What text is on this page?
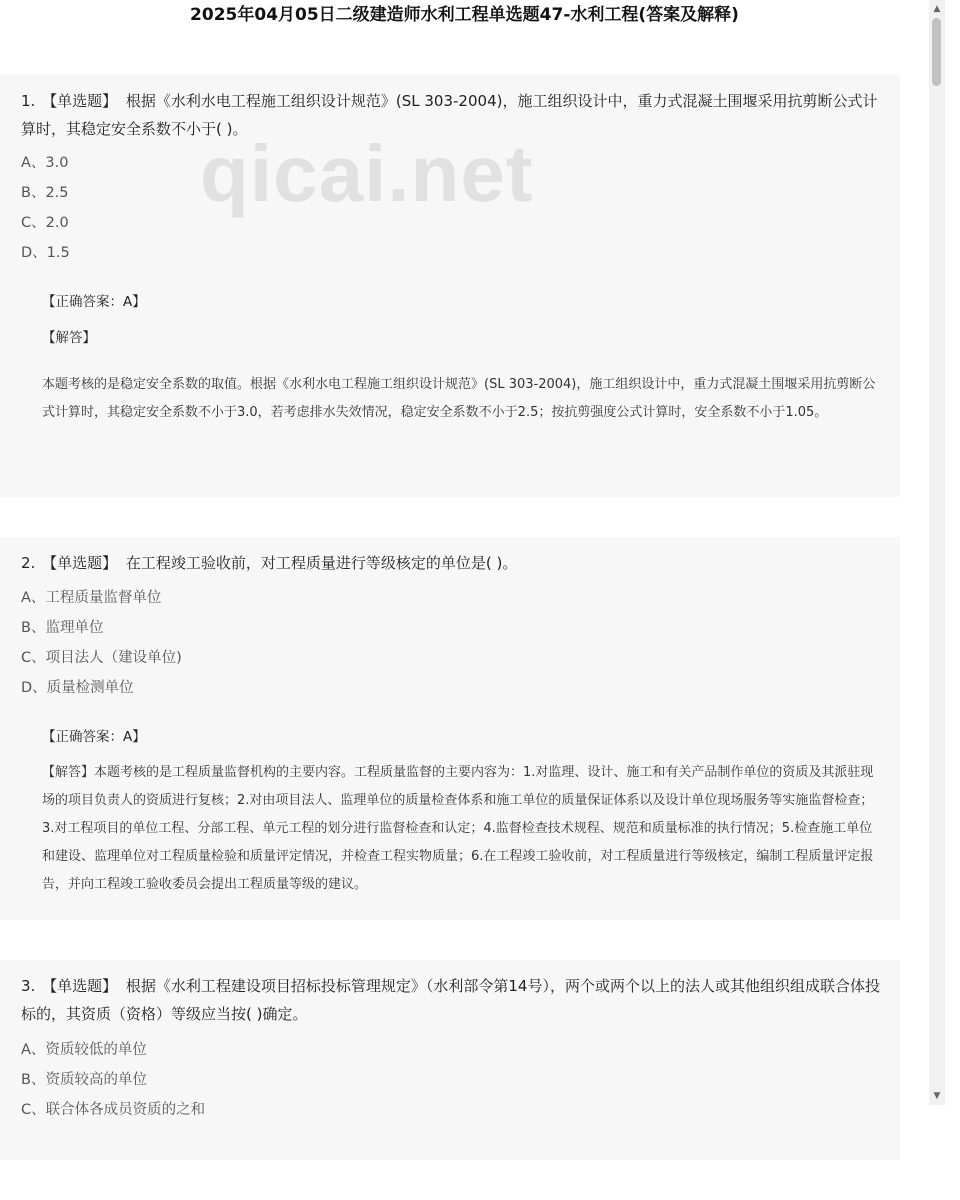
2025年04月05日二级建造师水利工程单选题47-水利工程(答案及解释)
qicai.net
1. 【单选题】 根据《水利水电工程施工组织设计规范》(SL 303-2004)，施工组织设计中，重力式混凝土围堰采用抗剪断公式计算时，其稳定安全系数不小于( )。
A、3.0
B、2.5
C、2.0
D、1.5
【正确答案：A】
【解答】
本题考核的是稳定安全系数的取值。根据《水利水电工程施工组织设计规范》(SL 303-2004)，施工组织设计中，重力式混凝土围堰采用抗剪断公式计算时，其稳定安全系数不小于3.0，若考虑排水失效情况，稳定安全系数不小于2.5；按抗剪强度公式计算时，安全系数不小于1.05。
2. 【单选题】 在工程竣工验收前，对工程质量进行等级核定的单位是( )。
A、工程质量监督单位
B、监理单位
C、项目法人（建设单位)
D、质量检测单位
【正确答案：A】
【解答】本题考核的是工程质量监督机构的主要内容。工程质量监督的主要内容为：1.对监理、设计、施工和有关产品制作单位的资质及其派驻现场的项目负责人的资质进行复核；2.对由项目法人、监理单位的质量检查体系和施工单位的质量保证体系以及设计单位现场服务等实施监督检查；3.对工程项目的单位工程、分部工程、单元工程的划分进行监督检查和认定；4.监督检查技术规程、规范和质量标准的执行情况；5.检查施工单位和建设、监理单位对工程质量检验和质量评定情况，并检查工程实物质量；6.在工程竣工验收前，对工程质量进行等级核定，编制工程质量评定报告，并向工程竣工验收委员会提出工程质量等级的建议。
3. 【单选题】 根据《水利工程建设项目招标投标管理规定》（水利部令第14号），两个或两个以上的法人或其他组织组成联合体投标的，其资质（资格）等级应当按( )确定。
A、资质较低的单位
B、资质较高的单位
C、联合体各成员资质的之和
▲
▼
